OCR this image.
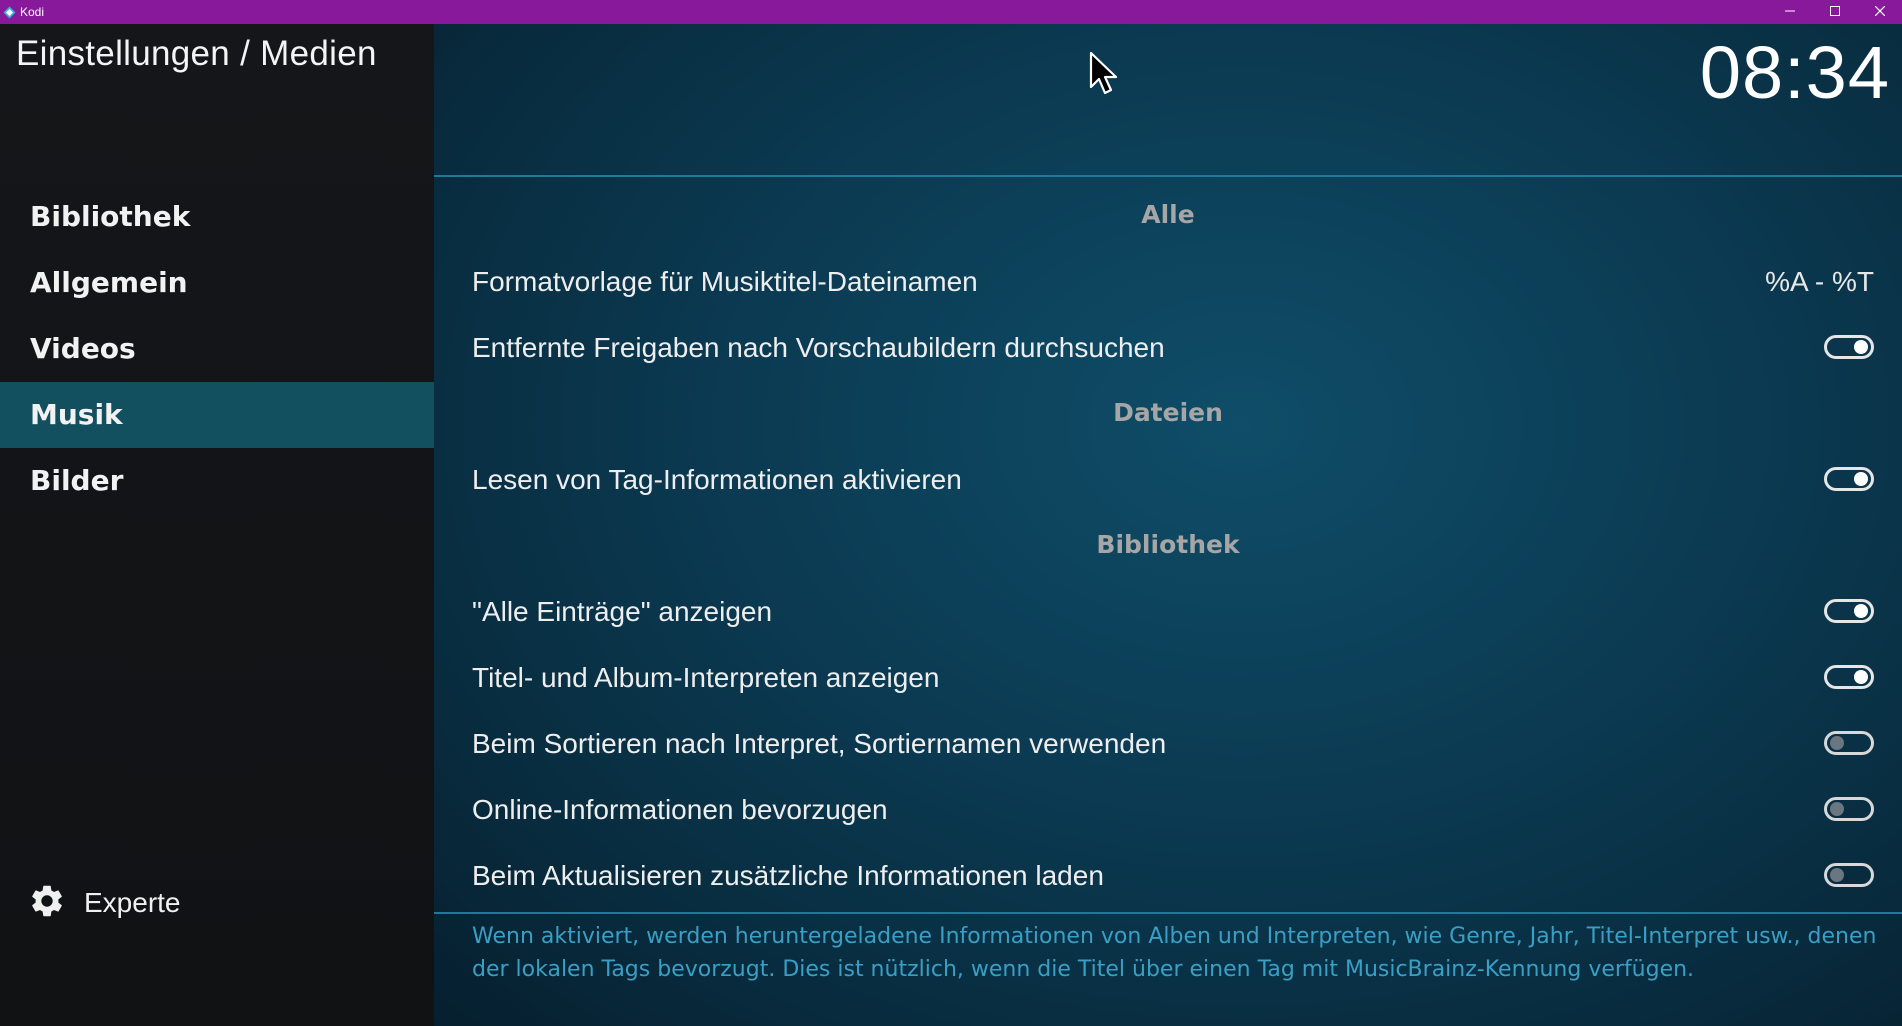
Kodi
Einstellungen / Medien
Bibliothek
Allgemein
Videos
Musik
Bilder
Experte
08:34
Alle
Formatvorlage für Musiktitel-Dateinamen	%A - %T
Entfernte Freigaben nach Vorschaubildern durchsuchen
Dateien
Lesen von Tag-Informationen aktivieren
Bibliothek
"Alle Einträge" anzeigen
Titel- und Album-Interpreten anzeigen
Beim Sortieren nach Interpret, Sortiernamen verwenden
Online-Informationen bevorzugen
Beim Aktualisieren zusätzliche Informationen laden
Wenn aktiviert, werden heruntergeladene Informationen von Alben und Interpreten, wie Genre, Jahr, Titel-Interpret usw., denen der lokalen Tags bevorzugt. Dies ist nützlich, wenn die Titel über einen Tag mit MusicBrainz-Kennung verfügen.
